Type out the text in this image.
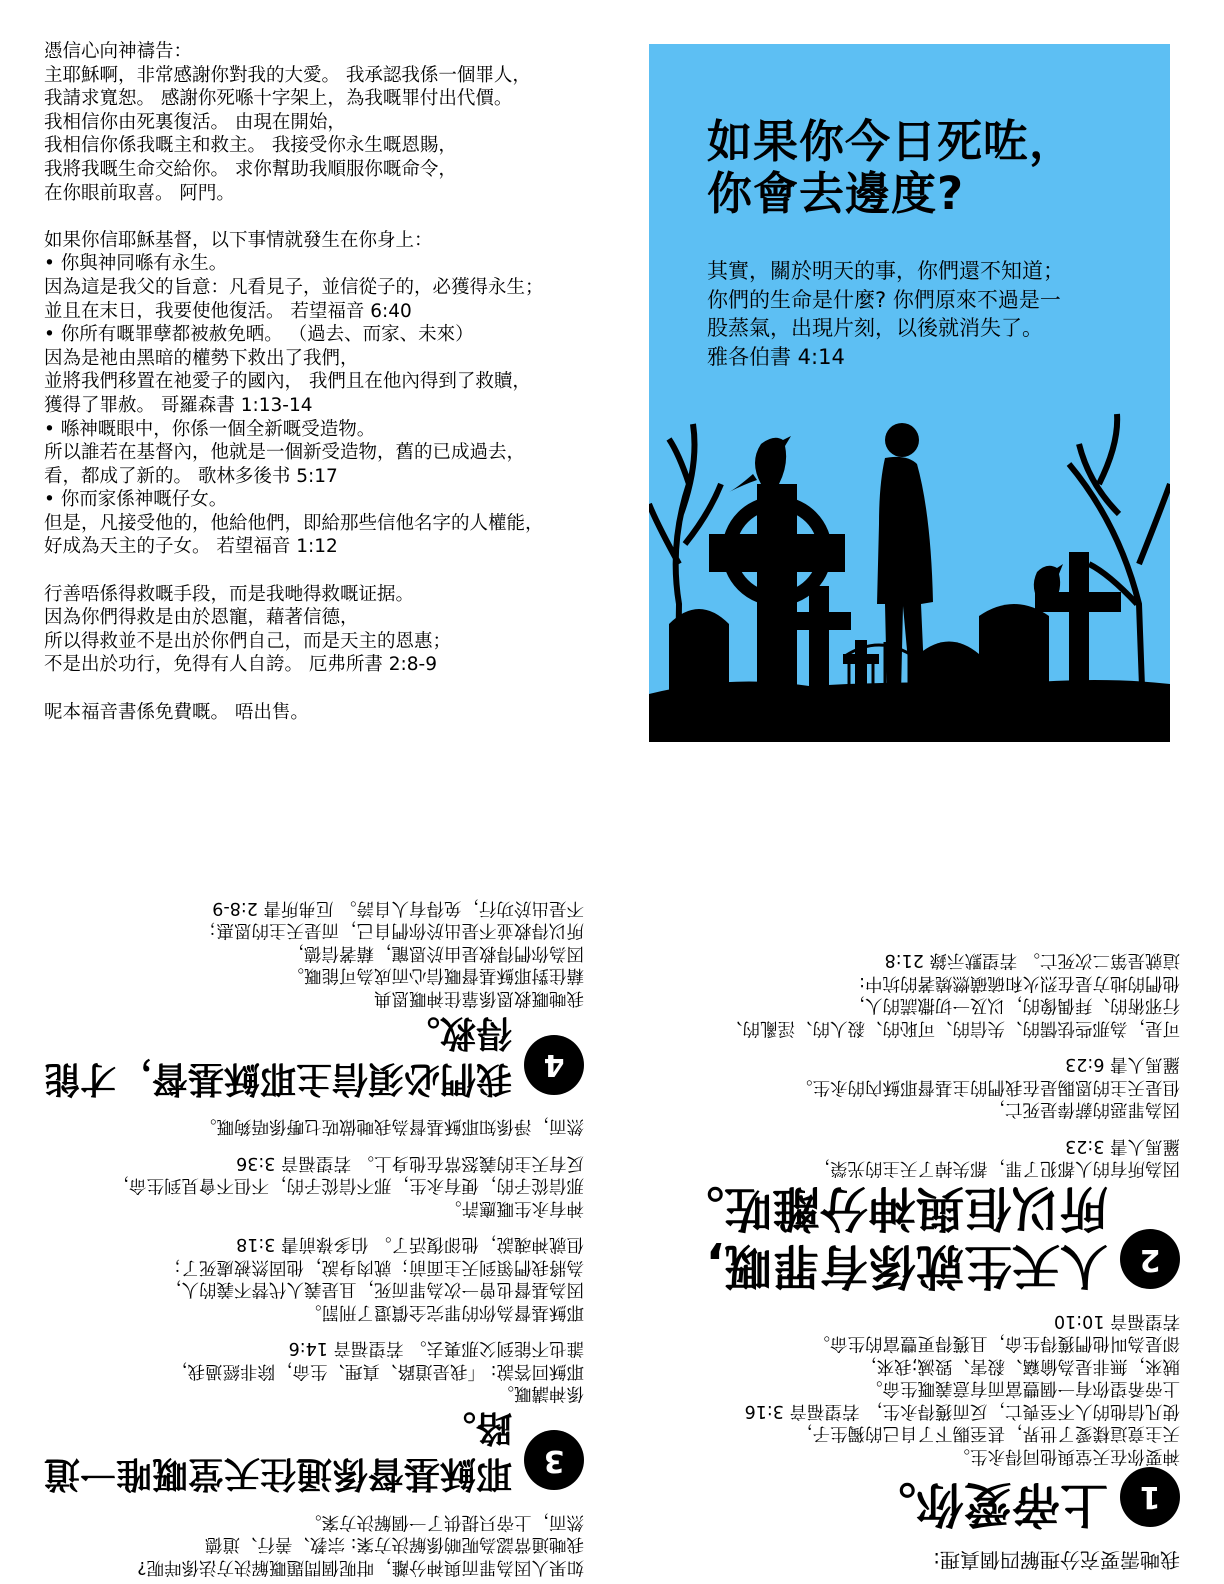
憑信心向神禱告：
主耶穌啊，非常感謝你對我的大愛。 我承認我係一個罪人，
我請求寬恕。 感謝你死喺十字架上，為我嘅罪付出代價。
我相信你由死裏復活。 由現在開始，
我相信你係我嘅主和救主。 我接受你永生嘅恩賜，
我將我嘅生命交給你。 求你幫助我順服你嘅命令，
在你眼前取喜。 阿門。
如果你信耶穌基督，以下事情就發生在你身上：
• 你與神同喺有永生。
因為這是我父的旨意：凡看見子，並信從子的，必獲得永生；
並且在末日，我要使他復活。 若望福音 6:40
• 你所有嘅罪孽都被赦免晒。 （過去、而家、未來）
因為是祂由黑暗的權勢下救出了我們，
並將我們移置在祂愛子的國內， 我們且在他內得到了救贖，
獲得了罪赦。 哥羅森書 1:13-14
• 喺神嘅眼中，你係一個全新嘅受造物。
所以誰若在基督內，他就是一個新受造物，舊的已成過去，
看，都成了新的。 歌林多後书 5:17
• 你而家係神嘅仔女。
但是，凡接受他的，他給他們，即給那些信他名字的人權能，
好成為天主的子女。 若望福音 1:12
行善唔係得救嘅手段，而是我哋得救嘅证据。
因為你們得救是由於恩寵，藉著信德，
所以得救並不是出於你們自己，而是天主的恩惠；
不是出於功行，免得有人自誇。 厄弗所書 2:8-9
呢本福音書係免費嘅。 唔出售。
如果你今日死咗，
你會去邊度?
其實，關於明天的事，你們還不知道；
你們的生命是什麼? 你們原來不過是一
股蒸氣，出現片刻，以後就消失了。
雅各伯書 4:14
我哋需要充分理解四個真理:
1
上帝愛你。
神要你在天堂與他同得永生。
天主竟這樣愛了世界，甚至賜下了自己的獨生子，
使凡信他的人不至喪亡，反而獲得永生， 若望福音 3:16
上帝希望你有一個豐富而有意義嘅生命。
賊來，無非是為偷竊、殺害、毀滅;我來，
卻是為叫他們獲得生命，且獲得更豐富的生命。
若望福音 10:10
2
人天生就係有罪嘅,
所以佢與神分離咗。
因為所有的人都犯了罪，都失掉了天主的光榮，
羅馬人書 3:23
因為罪惡的薪俸是死亡，
但是天主的恩賜是在我們的主基督耶穌內的永生。
羅馬人書 6:23
可是，為那些怯懦的、失信的、可恥的、殺人的、淫亂的、
行邪術的、拜偶像的，以及一切撒謊的人，
他們的地方是在烈火和硫磺燃燒著的坑中:
這就是第二次死亡。 若望默示錄 21:8
如果人因為罪而與神分離，咁呢個問題嘅解決方法係咩呢?
我哋通常認為呢啲係解決方案: 宗教、善行、道德
然而，上帝只提供了一個解決方案。
3
耶穌基督係通往天堂嘅唯一道路。
係神講嘅。
耶穌回答說: 「我是道路、真理、生命，除非經過我，
誰也不能到父那裏去。 若望福音 14:6
耶穌基督為你的罪完全償還了刑罰。
因為基督也曾一次為罪而死，且是義人代替不義的人，
為將我們領到天主面前；就肉身說，他固然被處死了；
但就神魂說，他卻復活了。 伯多祿前書 3:18
神有永生嘅應許。
那信從子的，便有永生，那不信從子的，不但不會見到生命，
反有天主的義怒常在他身上。 若望福音 3:36
然而，淨係知耶穌基督為我哋做咗乜嘢係唔夠嘅。
4
我們必須信主耶穌基督，才能得救。
我哋嘅救恩係靠住神嘅恩典
藉住對耶穌基督嘅信心而成為可能嘅。
因為你們得救是由於恩寵，藉著信德，
所以得救並不是出於你們自己，而是天主的恩惠；
不是出於功行，免得有人自誇。 厄弗所書 2:8-9
